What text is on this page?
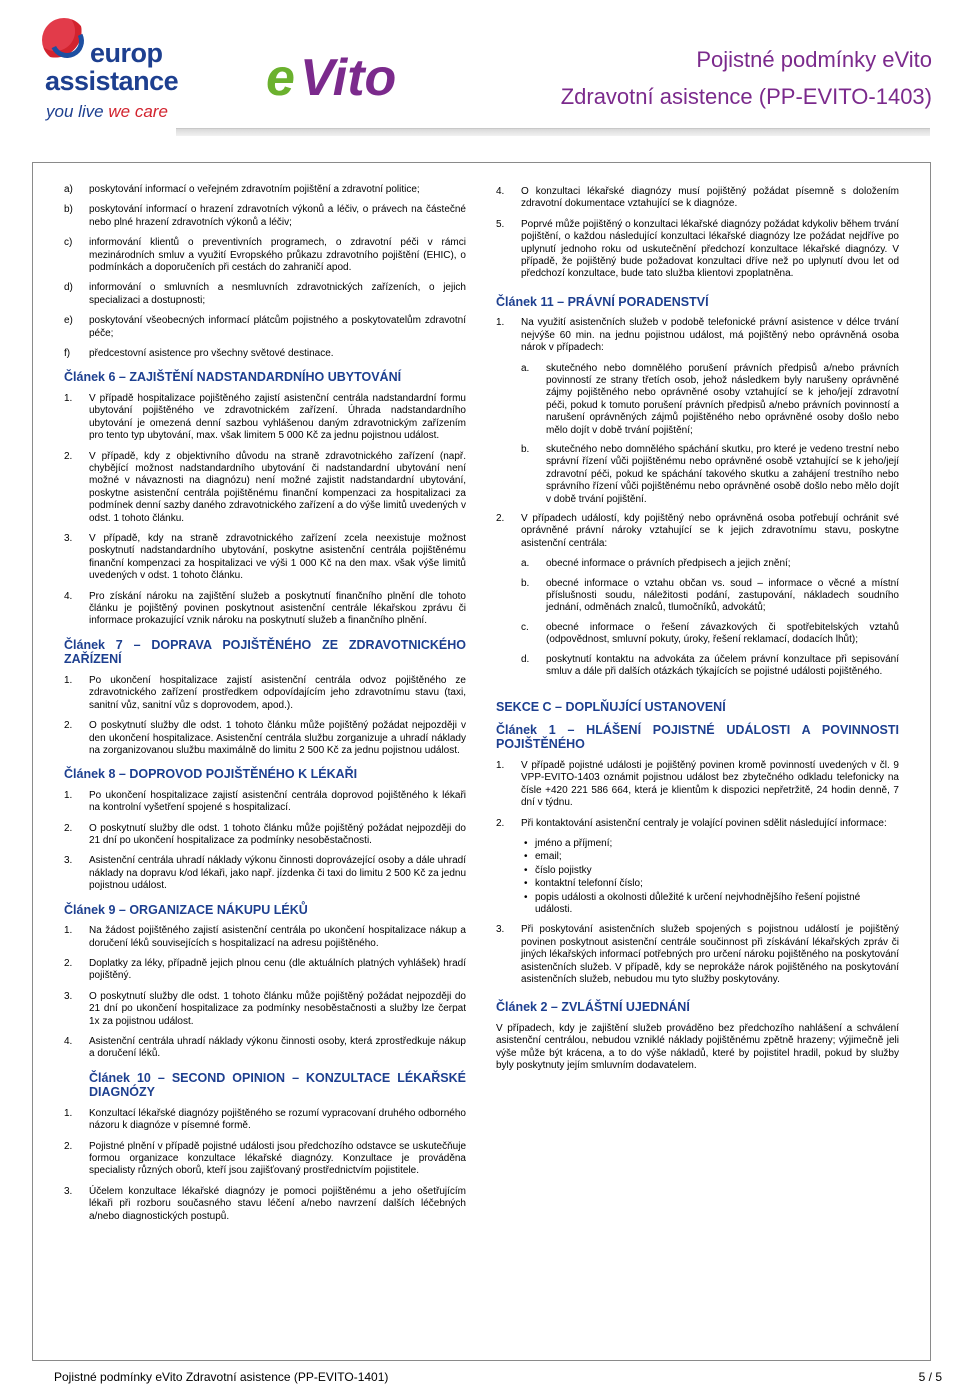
europ
assistance
you live we care
e Vito	Pojistné podmínky eVito
Zdravotní asistence (PP-EVITO-1403)
a)	poskytování informací o veřejném zdravotním pojištění a zdravotní politice;
b)	poskytování informací o hrazení zdravotních výkonů a léčiv, o právech na částečné nebo plné hrazení zdravotních výkonů a léčiv;
c)	informování klientů o preventivních programech, o zdravotní péči v rámci mezinárodních smluv a využití Evropského průkazu zdravotního pojištění (EHIC), o podmínkách a doporučeních při cestách do zahraničí apod.
d)	informování o smluvních a nesmluvních zdravotnických zařízeních, o jejich specializaci a dostupnosti;
e)	poskytování všeobecných informací plátcům pojistného a poskytovatelům zdravotní péče;
f)	předcestovní asistence pro všechny světové destinace.
Článek 6 – ZAJIŠTĚNÍ NADSTANDARDNÍHO UBYTOVÁNÍ
1.	V případě hospitalizace pojištěného zajistí asistenční centrála nadstandardní formu ubytování pojištěného ve zdravotnickém zařízení. Úhrada nadstandardního ubytování je omezená denní sazbou vyhlášenou daným zdravotnickým zařízením pro tento typ ubytování, max. však limitem 5 000 Kč za jednu pojistnou událost.
2.	V případě, kdy z objektivního důvodu na straně zdravotnického zařízení (např. chybějící možnost nadstandardního ubytování či nadstandardní ubytování není možné v návaznosti na diagnózu) není možné zajistit nadstandardní ubytování, poskytne asistenční centrála pojištěnému finanční kompenzaci za hospitalizaci za podmínek denní sazby daného zdravotnického zařízení a do výše limitů uvedených v odst. 1 tohoto článku.
3.	V případě, kdy na straně zdravotnického zařízení zcela neexistuje možnost poskytnutí nadstandardního ubytování, poskytne asistenční centrála pojištěnému finanční kompenzaci za hospitalizaci ve výši 1 000 Kč na den max. však výše limitů uvedených v odst. 1 tohoto článku.
4.	Pro získání nároku na zajištění služeb a poskytnutí finančního plnění dle tohoto článku je pojištěný povinen poskytnout asistenční centrále lékařskou zprávu či informace prokazující vznik nároku na poskytnutí služeb a finančního plnění.
Článek 7 – DOPRAVA POJIŠTĚNÉHO ZE ZDRAVOTNICKÉHO ZAŘÍZENÍ
1.	Po ukončení hospitalizace zajistí asistenční centrála odvoz pojištěného ze zdravotnického zařízení prostředkem odpovídajícím jeho zdravotnímu stavu (taxi, sanitní vůz, sanitní vůz s doprovodem, apod.).
2.	O poskytnutí služby dle odst. 1 tohoto článku může pojištěný požádat nejpozději v den ukončení hospitalizace. Asistenční centrála službu zorganizuje a uhradí náklady na zorganizovanou službu maximálně do limitu 2 500 Kč za jednu pojistnou událost.
Článek 8 – DOPROVOD POJIŠTĚNÉHO K LÉKAŘI
1.	Po ukončení hospitalizace zajistí asistenční centrála doprovod pojištěného k lékaři na kontrolní vyšetření spojené s hospitalizací.
2.	O poskytnutí služby dle odst. 1 tohoto článku může pojištěný požádat nejpozději do 21 dní po ukončení hospitalizace za podmínky nesoběstačnosti.
3.	Asistenční centrála uhradí náklady výkonu činnosti doprovázející osoby a dále uhradí náklady na dopravu k/od lékaři, jako např. jízdenka či taxi do limitu 2 500 Kč za jednu pojistnou událost.
Článek 9 – ORGANIZACE NÁKUPU LÉKŮ
1.	Na žádost pojištěného zajistí asistenční centrála po ukončení hospitalizace nákup a doručení léků souvisejících s hospitalizací na adresu pojištěného.
2.	Doplatky za léky, případně jejich plnou cenu (dle aktuálních platných vyhlášek) hradí pojištěný.
3.	O poskytnutí služby dle odst. 1 tohoto článku může pojištěný požádat nejpozději do 21 dní po ukončení hospitalizace za podmínky nesoběstačnosti a služby lze čerpat 1x za pojistnou událost.
4.	Asistenční centrála uhradí náklady výkonu činnosti osoby, která zprostředkuje nákup a doručení léků.
Článek 10 – SECOND OPINION – KONZULTACE LÉKAŘSKÉ DIAGNÓZY
1.	Konzultací lékařské diagnózy pojištěného se rozumí vypracovaní druhého odborného názoru k diagnóze v písemné formě.
2.	Pojistné plnění v případě pojistné události jsou předchozího odstavce se uskutečňuje formou organizace konzultace lékařské diagnózy. Konzultace je prováděna specialisty různých oborů, kteří jsou zajišťovaný prostřednictvím pojistitele.
3.	Účelem konzultace lékařské diagnózy je pomoci pojištěnému a jeho ošetřujícím lékaři při rozboru současného stavu léčení a/nebo navrzení dalších léčebných a/nebo diagnostických postupů.
4.	O konzultaci lékařské diagnózy musí pojištěný požádat písemně s doložením zdravotní dokumentace vztahující se k diagnóze.
5.	Poprvé může pojištěný o konzultaci lékařské diagnózy požádat kdykoliv během trvání pojištění, o každou následující konzultaci lékařské diagnózy lze požádat nejdříve po uplynutí jednoho roku od uskutečnění předchozí konzultace lékařské diagnózy. V případě, že pojištěný bude požadovat konzultaci dříve než po uplynutí dvou let od předchozí konzultace, bude tato služba klientovi zpoplatněna.
Článek 11 – PRÁVNÍ PORADENSTVÍ
1.	Na využití asistenčních služeb v podobě telefonické právní asistence v délce trvání nejvýše 60 min. na jednu pojistnou událost, má pojištěný nebo oprávněná osoba nárok v případech:
a.	skutečného nebo domnělého porušení právních předpisů a/nebo právních povinností ze strany třetích osob, jehož následkem byly narušeny oprávněné zájmy pojištěného nebo oprávněné osoby vztahující se k jeho/její zdravotní péči, pokud k tomuto porušení právních předpisů a/nebo právních povinností a narušení oprávněných zájmů pojištěného nebo oprávněné osoby došlo nebo mělo dojít v době trvání pojištění;
b.	skutečného nebo domnělého spáchání skutku, pro které je vedeno trestní nebo správní řízení vůči pojištěnému nebo oprávněné osobě vztahující se k jeho/její zdravotní péči, pokud ke spáchání takového skutku a zahájení trestního nebo správního řízení vůči pojištěnému nebo oprávněné osobě došlo nebo mělo dojít v době trvání pojištění.
2.	V případech událostí, kdy pojištěný nebo oprávněná osoba potřebují ochránit své oprávněné právní nároky vztahující se k jejich zdravotnímu stavu, poskytne asistenční centrála:
a.	obecné informace o právních předpisech a jejich znění;
b.	obecné informace o vztahu občan vs. soud – informace o věcné a místní příslušnosti soudu, náležitosti podání, zastupování, nákladech soudního jednání, odměnách znalců, tlumočníků, advokátů;
c.	obecné informace o řešení závazkových či spotřebitelských vztahů (odpovědnost, smluvní pokuty, úroky, řešení reklamací, dodacích lhůt);
d.	poskytnutí kontaktu na advokáta za účelem právní konzultace při sepisování smluv a dále při dalších otázkách týkajících se pojistné události pojištěného.
SEKCE C – DOPLŇUJÍCÍ USTANOVENÍ
Článek 1 – HLÁŠENÍ POJISTNÉ UDÁLOSTI A POVINNOSTI POJIŠTĚNÉHO
1.	V případě pojistné události je pojištěný povinen kromě povinností uvedených v čl. 9 VPP-EVITO-1403 oznámit pojistnou událost bez zbytečného odkladu telefonicky na čísle +420 221 586 664, která je klientům k dispozici nepřetržitě, 24 hodin denně, 7 dní v týdnu.
2.	Při kontaktování asistenční centraly je volající povinen sdělit následující informace:
• jméno a příjmení;
• email;
• číslo pojistky
• kontaktní telefonní číslo;
• popis události a okolnosti důležité k určení nejvhodnějšího řešení pojistné události.
3.	Při poskytování asistenčních služeb spojených s pojistnou událostí je pojištěný povinen poskytnout asistenční centrále součinnost při získávání lékařských zpráv či jiných lékařských informací potřebných pro určení nároku pojištěného na poskytování asistenčních služeb. V případě, kdy se neprokáže nárok pojištěného na poskytování asistenčních služeb, nebudou mu tyto služby poskytovány.
Článek 2 – ZVLÁŠTNÍ UJEDNÁNÍ
V případech, kdy je zajištění služeb prováděno bez předchozího nahlášení a schválení asistenční centrálou, nebudou vzniklé náklady pojištěnému zpětně hrazeny; výjimečně jeli výše může být krácena, a to do výše nákladů, které by pojistitel hradil, pokud by služby byly poskytnuty jejím smluvním dodavatelem.
Pojistné podmínky eVito Zdravotní asistence (PP-EVITO-1401)	5 / 5
